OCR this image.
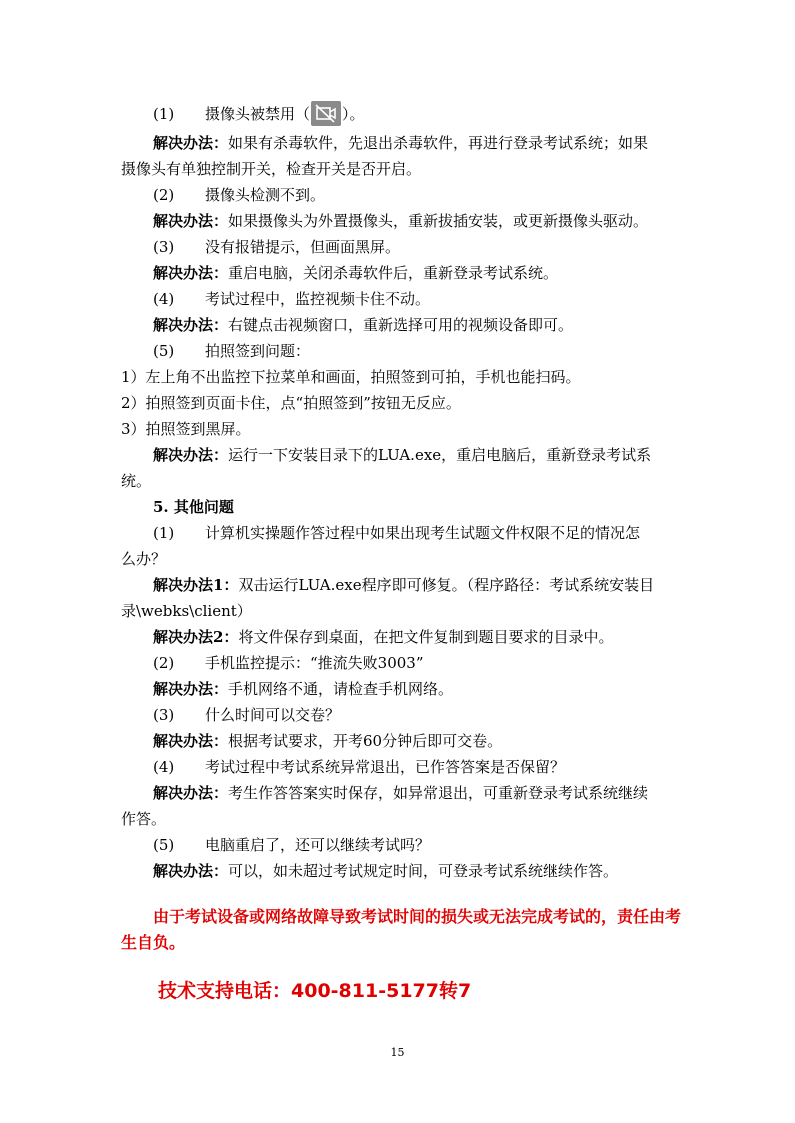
(1) 摄像头被禁用（ ）。
解决办法：如果有杀毒软件，先退出杀毒软件，再进行登录考试系统；如果
摄像头有单独控制开关，检查开关是否开启。
(2) 摄像头检测不到。
解决办法：如果摄像头为外置摄像头，重新拔插安装，或更新摄像头驱动。
(3) 没有报错提示，但画面黑屏。
解决办法：重启电脑，关闭杀毒软件后，重新登录考试系统。
(4) 考试过程中，监控视频卡住不动。
解决办法：右键点击视频窗口，重新选择可用的视频设备即可。
(5) 拍照签到问题：
1）左上角不出监控下拉菜单和画面，拍照签到可拍，手机也能扫码。
2）拍照签到页面卡住，点“拍照签到”按钮无反应。
3）拍照签到黑屏。
解决办法：运行一下安装目录下的LUA.exe，重启电脑后，重新登录考试系
统。
5. 其他问题
(1) 计算机实操题作答过程中如果出现考生试题文件权限不足的情况怎
么办？
解决办法1：双击运行LUA.exe程序即可修复。（程序路径：考试系统安装目
录\webks\client）
解决办法2：将文件保存到桌面，在把文件复制到题目要求的目录中。
(2) 手机监控提示：“推流失败3003”
解决办法：手机网络不通，请检查手机网络。
(3) 什么时间可以交卷？
解决办法：根据考试要求，开考60分钟后即可交卷。
(4) 考试过程中考试系统异常退出，已作答答案是否保留？
解决办法：考生作答答案实时保存，如异常退出，可重新登录考试系统继续
作答。
(5) 电脑重启了，还可以继续考试吗？
解决办法：可以，如未超过考试规定时间，可登录考试系统继续作答。
由于考试设备或网络故障导致考试时间的损失或无法完成考试的，责任由考
生自负。
技术支持电话：400-811-5177转7
15
